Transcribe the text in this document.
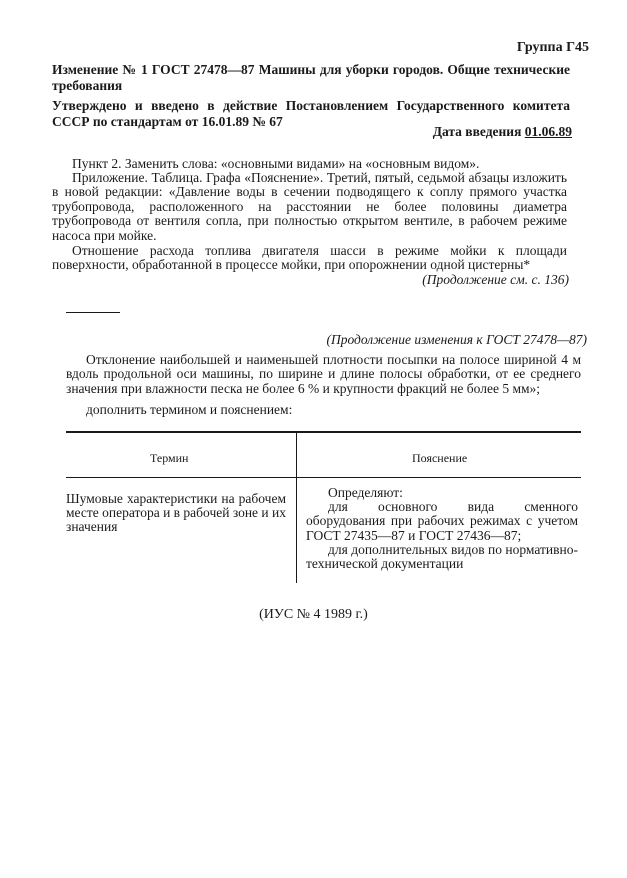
Группа Г45
Изменение № 1 ГОСТ 27478—87 Машины для уборки городов. Общие технические требования
Утверждено и введено в действие Постановлением Государственного комитета СССР по стандартам от 16.01.89 № 67
Дата введения 01.06.89
Пункт 2. Заменить слова: «основными видами» на «основным видом».
Приложение. Таблица. Графа «Пояснение». Третий, пятый, седьмой абзацы изложить в новой редакции: «Давление воды в сечении подводящего к соплу прямого участка трубопровода, расположенного на расстоянии не более половины диаметра трубопровода от вентиля сопла, при полностью открытом вентиле, в рабочем режиме насоса при мойке.
Отношение расхода топлива двигателя шасси в режиме мойки к площади поверхности, обработанной в процессе мойки, при опорожнении одной цистерны*
(Продолжение см. с. 136)
(Продолжение изменения к ГОСТ 27478—87)
Отклонение наибольшей и наименьшей плотности посыпки на полосе шириной 4 м вдоль продольной оси машины, по ширине и длине полосы обработки, от ее среднего значения при влажности песка не более 6 % и крупности фракций не более 5 мм»;
дополнить термином и пояснением:
Термин	Пояснение
Шумовые характеристики на рабочем месте оператора и в рабочей зоне и их значения
Определяют:
для основного вида сменного оборудования при рабочих режимах с учетом ГОСТ 27435—87 и ГОСТ 27436—87;
для дополнительных видов по нормативно-технической документации
(ИУС № 4 1989 г.)
